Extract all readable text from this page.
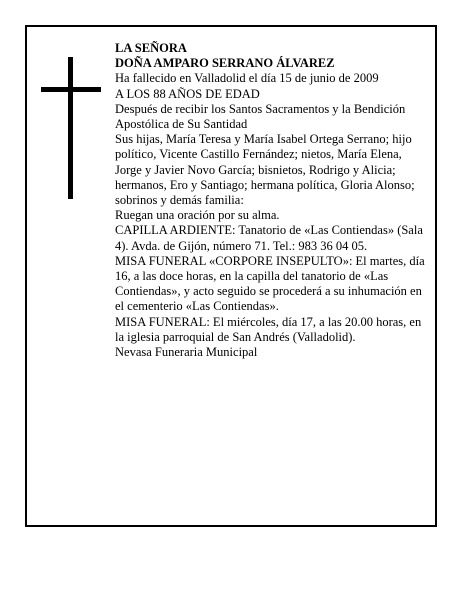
LA SEÑORA

DOÑA AMPARO SERRANO ÁLVAREZ

Ha fallecido en Valladolid el día 15 de junio de 2009

A LOS 88 AÑOS DE EDAD

Después de recibir los Santos Sacramentos y la Bendición Apostólica de Su Santidad

Sus hijas, María Teresa y María Isabel Ortega Serrano; hijo político, Vicente Castillo Fernández; nietos, María Elena, Jorge y Javier Novo García; bisnietos, Rodrigo y Alicia; hermanos, Ero y Santiago; hermana política, Gloria Alonso; sobrinos y demás familia:

Ruegan una oración por su alma.

CAPILLA ARDIENTE: Tanatorio de «Las Contiendas» (Sala 4). Avda. de Gijón, número 71. Tel.: 983 36 04 05.

MISA FUNERAL «CORPORE INSEPULTO»: El martes, día 16, a las doce horas, en la capilla del tanatorio de «Las Contiendas», y acto seguido se procederá a su inhumación en el cementerio «Las Contiendas».

MISA FUNERAL: El miércoles, día 17, a las 20.00 horas, en la iglesia parroquial de San Andrés (Valladolid).

Nevasa Funeraria Municipal
